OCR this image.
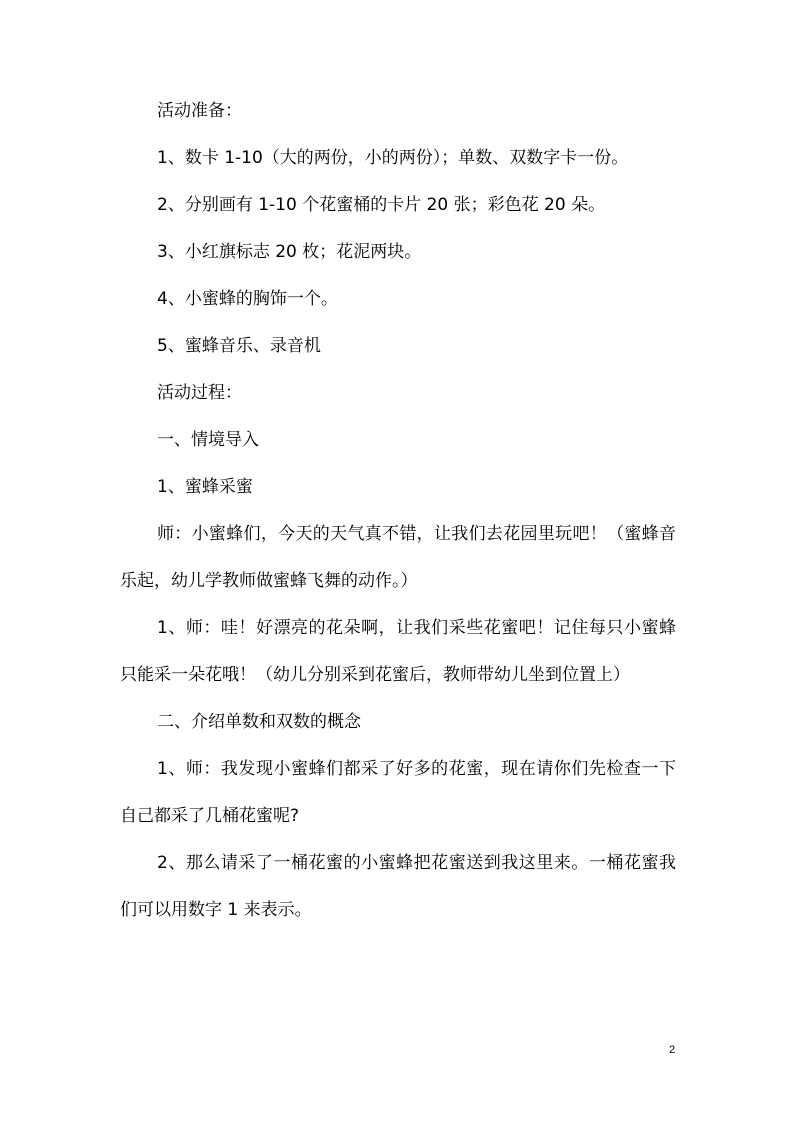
活动准备：

1、数卡 1-10（大的两份，小的两份）；单数、双数字卡一份。

2、分别画有 1-10 个花蜜桶的卡片 20 张；彩色花 20 朵。

3、小红旗标志 20 枚；花泥两块。

4、小蜜蜂的胸饰一个。

5、蜜蜂音乐、录音机

活动过程：

一、情境导入

1、蜜蜂采蜜

师：小蜜蜂们，今天的天气真不错，让我们去花园里玩吧！（蜜蜂音乐起，幼儿学教师做蜜蜂飞舞的动作。）

1、师：哇！好漂亮的花朵啊，让我们采些花蜜吧！记住每只小蜜蜂只能采一朵花哦！（幼儿分别采到花蜜后，教师带幼儿坐到位置上）

二、介绍单数和双数的概念

1、师：我发现小蜜蜂们都采了好多的花蜜，现在请你们先检查一下自己都采了几桶花蜜呢?

2、那么请采了一桶花蜜的小蜜蜂把花蜜送到我这里来。一桶花蜜我们可以用数字 1 来表示。

2
